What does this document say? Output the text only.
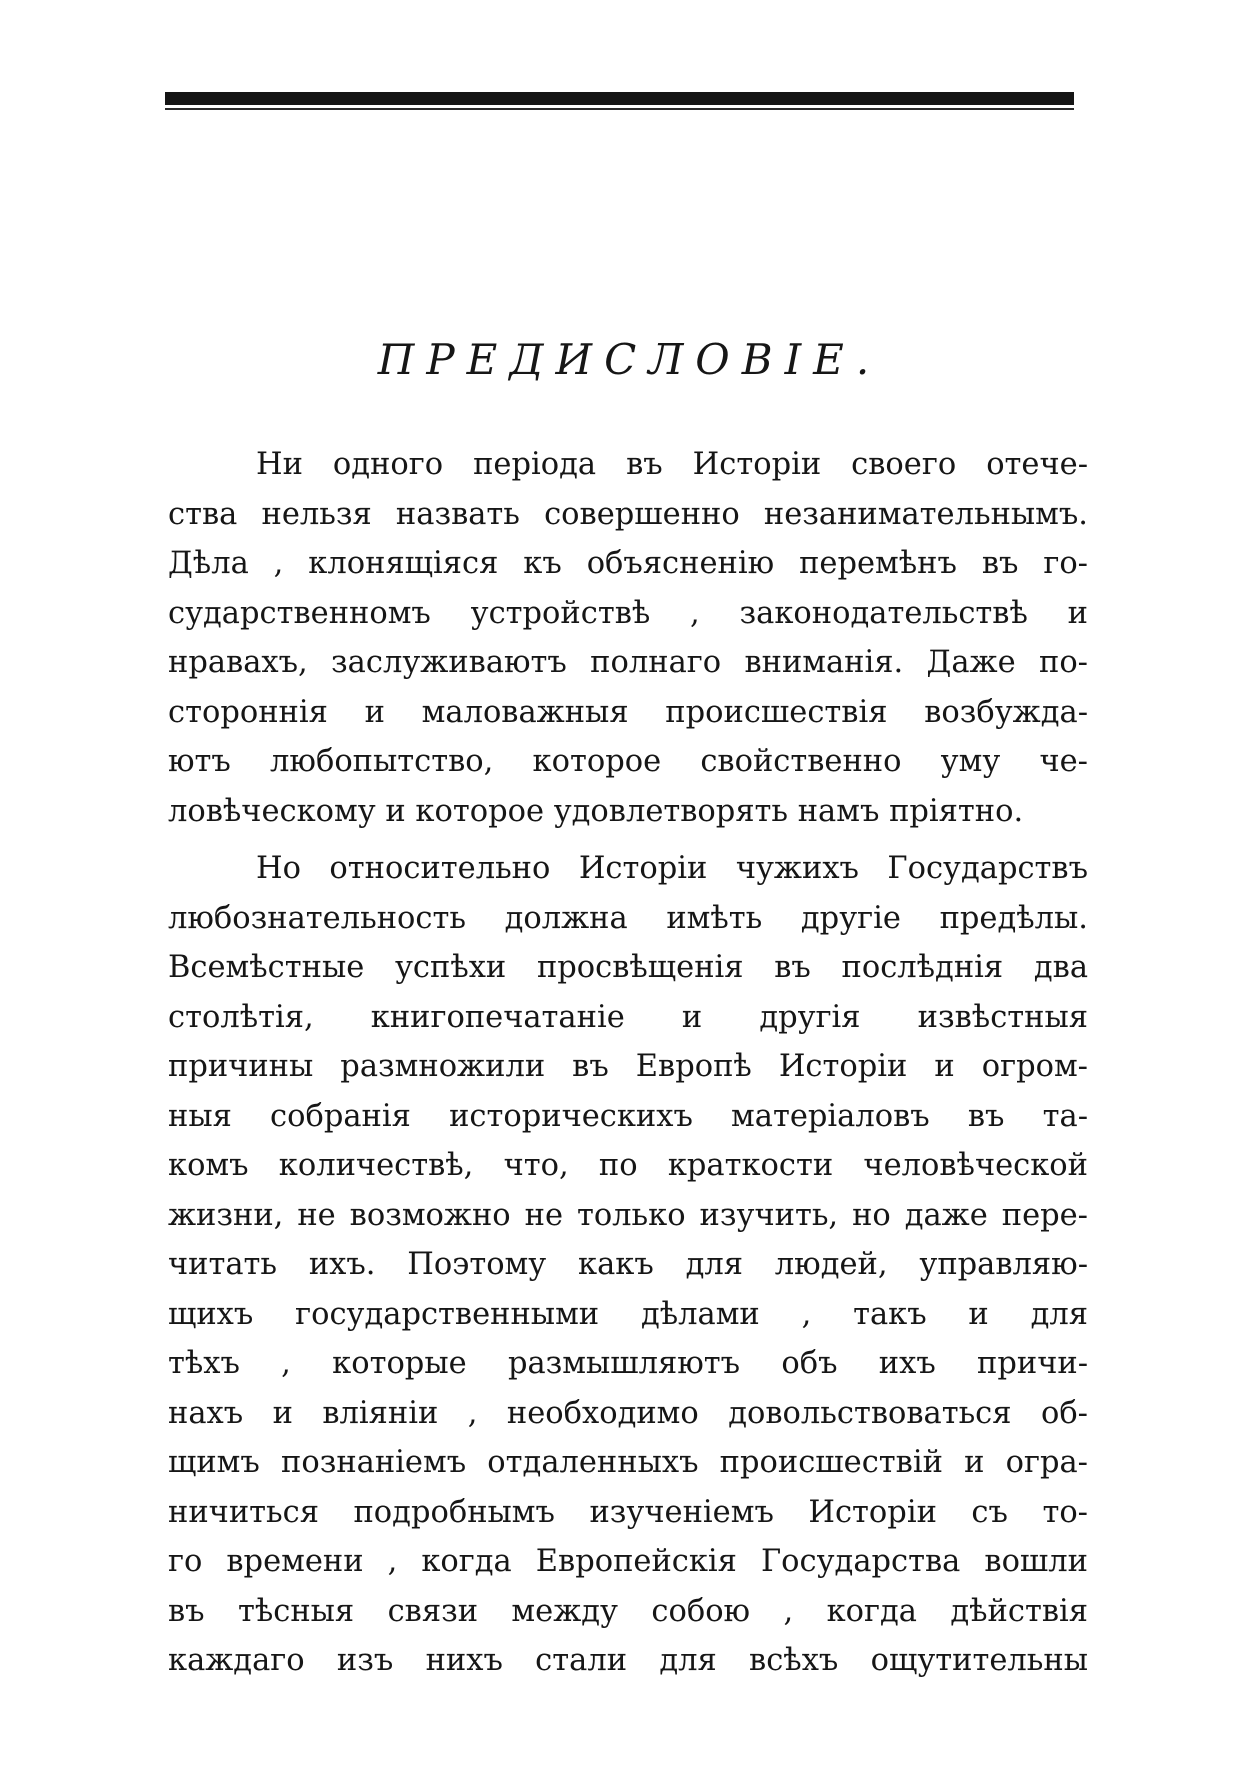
ПРЕДИСЛОВІЕ.
Ни одного періода въ Исторіи своего отече-
ства нельзя назвать совершенно незанимательнымъ.
Дѣла , клонящіяся къ объясненію перемѣнъ въ го-
сударственномъ устройствѣ , законодательствѣ и
нравахъ, заслуживаютъ полнаго вниманія. Даже по-
стороннія и маловажныя происшествія возбужда-
ютъ любопытство, которое свойственно уму че-
ловѣческому и которое удовлетворять намъ пріятно.
Но относительно Исторіи чужихъ Государствъ
любознательность должна имѣть другіе предѣлы.
Всемѣстные успѣхи просвѣщенія въ послѣднія два
столѣтія, книгопечатаніе и другія извѣстныя
причины размножили въ Европѣ Исторіи и огром-
ныя собранія историческихъ матеріаловъ въ та-
комъ количествѣ, что, по краткости человѣческой
жизни, не возможно не только изучить, но даже пере-
читать ихъ. Поэтому какъ для людей, управляю-
щихъ государственными дѣлами , такъ и для
тѣхъ , которые размышляютъ объ ихъ причи-
нахъ и вліяніи , необходимо довольствоваться об-
щимъ познаніемъ отдаленныхъ происшествій и огра-
ничиться подробнымъ изученіемъ Исторіи съ то-
го времени , когда Европейскія Государства вошли
въ тѣсныя связи между собою , когда дѣйствія
каждаго изъ нихъ стали для всѣхъ ощутительны
